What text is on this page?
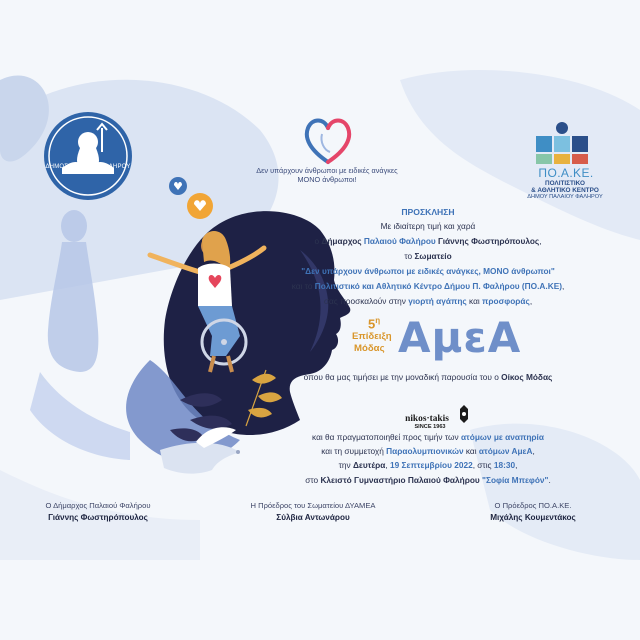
ΔΗΜΟΣ ΠΑΛΑΙΟΥ ΦΑΛΗΡΟΥ	Δεν υπάρχουν άνθρωποι με ειδικές ανάγκες
ΜΟΝΟ άνθρωποι!	ΠΟ.Α.ΚΕ.
ΠΟΛΙΤΙΣΤΙΚΟ
& ΑΘΛΗΤΙΚΟ ΚΕΝΤΡΟ
ΔΗΜΟΥ ΠΑΛΑΙΟΥ ΦΑΛΗΡΟΥ
ΠΡΟΣΚΛΗΣΗ
Με ιδιαίτερη τιμή και χαρά
ο Δήμαρχος Παλαιού Φαλήρου Γιάννης Φωστηρόπουλος,
το Σωματείο
"Δεν υπάρχουν άνθρωποι με ειδικές ανάγκες, ΜΟΝΟ άνθρωποι"
και το Πολιτιστικό και Αθλητικό Κέντρο Δήμου Π. Φαλήρου (ΠΟ.Α.ΚΕ),
σας προσκαλούν στην γιορτή αγάπης και προσφοράς,
$5^\eta$
Επίδειξη
Μόδας ΑμεΑ
όπου θα μας τιμήσει με την μοναδική παρουσία του ο Οίκος Μόδας
nikos·takis
SINCE 1963
και θα πραγματοποιηθεί προς τιμήν των ατόμων με αναπηρία
και τη συμμετοχή Παραολυμπιονικών και ατόμων ΑμεΑ,
την Δευτέρα, 19 Σεπτεμβρίου 2022, στις 18:30,
στο Κλειστό Γυμναστήριο Παλαιού Φαλήρου "Σοφία Μπεφόν".
Ο Δήμαρχος Παλαιού Φαλήρου
Γιάννης Φωστηρόπουλος
Η Πρόεδρος του Σωματείου ΔΥΑΜΕΑ
Σύλβια Αντωνάρου
Ο Πρόεδρος ΠΟ.Α.ΚΕ.
Μιχάλης Κουμεντάκος
